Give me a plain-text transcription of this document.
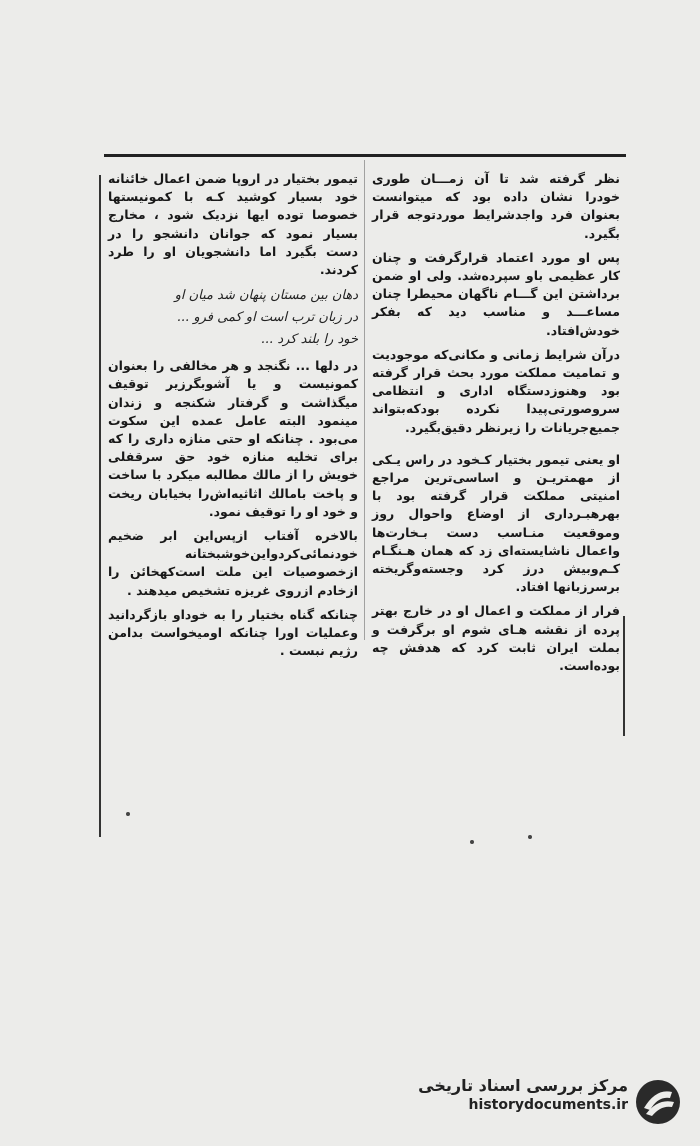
نظر گرفته شد تا آن زمـــان طوری خودرا نشان داده بود که میتوانست بعنوان فرد واجدشرایط موردتوجه قرار بگیرد.

پس او مورد اعتماد قرارگرفت و چنان کار عظیمی باو سپرده‌شد. ولی او ضمن برداشتن این گـــام ناگهان محیطرا چنان مساعـــد و مناسب دید که بفکر خودش‌افتاد.

درآن شرایط زمانی و مکانی‌که موجودیت و تمامیت مملکت مورد بحث قرار گرفته بود وهنوزدستگاه اداری و انتظامی سروصورتی‌پیدا نکرده بودکه‌بتواند جمیع‌جریانات را زیرنظر دقیق‌بگیرد.

او یعنی تیمور بختیار کـخود در راس یـکی از مهمتریـن و اساسی‌ترین مراجع امنیتی مملکت قرار گرفته بود با بهرهبـرداری از اوضاع واحوال روز وموقعیت منـاسب دست بـخارت‌ها واعمال ناشایسته‌ای زد که همان هـنگـام کـم‌وبیش درز کرد وجسته‌وگریخته برسرزبانها افتاد.

فرار از مملکت و اعمال او در خارج بهتر پرده از نقشه هـای شوم او برگرفت و بملت ایران ثابت کرد که هدفش چه بوده‌است.

تیمور بختیار در اروپا ضمن اعمال خائنانه خود بسیار کوشید کـه با کمونیستها خصوصا توده ایها نزدیک شود ، مخارج بسیار نمود که جوانان دانشجو را در دست بگیرد اما دانشجویان او را طرد کردند.

دهان بین مستان پنهان شد میان او
در زبان ترب است او کمی فرو ...
خود را بلند کرد ...

در دلها ... نگنجد و هر مخالفی را بعنوان کمونیست و یا آشوبگرزیر توقیف میگذاشت و گرفتار شکنجه و زندان مینمود البته عامل عمده این سکوت می‌بود . چنانکه او حتی منازه داری را که برای تخلیه منازه خود حق سرقفلی خویش را از مالك مطالبه میکرد با ساخت و پاخت بامالك اثاثیه‌اش‌را بخیابان ریخت و خود او را توقیف نمود.

بالاخره آفتاب ازپس‌این ابر ضخیم خودنمائی‌کردواین‌خوشبختانه ازخصوصیات این ملت است‌کهخائن را ازخادم ازروی غریزه تشخیص میدهند .

چنانکه گناه بختیار را به خوداو بازگردانید وعملیات اورا چنانکه اومیخواست بدامن رژیم نبست .

مرکز بررسی اسناد تاریخی
historydocuments.ir
